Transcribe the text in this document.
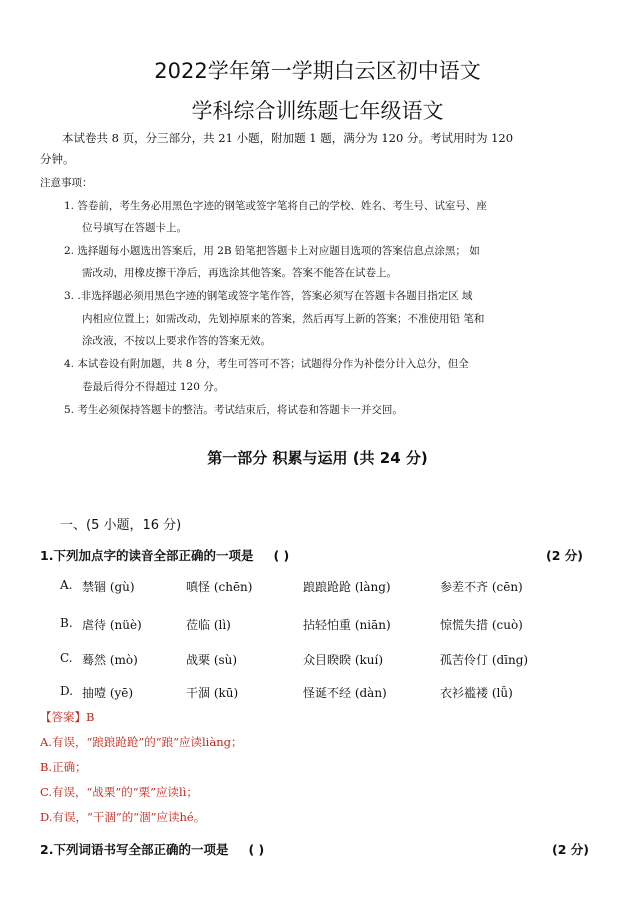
2022学年第一学期白云区初中语文
学科综合训练题七年级语文
本试卷共 8 页，分三部分，共 21 小题，附加题 1 题，满分为 120 分。考试用时为 120
分钟。
注意事项：
1. 答卷前，考生务必用黑色字迹的钢笔或签字笔将自己的学校、姓名、考生号、试室号、座
位号填写在答题卡上。
2. 选择题每小题选出答案后，用 2B 铅笔把答题卡上对应题目选项的答案信息点涂黑； 如
需改动，用橡皮擦干净后，再选涂其他答案。答案不能答在试卷上。
3. .非选择题必须用黑色字迹的钢笔或签字笔作答，答案必须写在答题卡各题目指定区 域
内相应位置上；如需改动，先划掉原来的答案，然后再写上新的答案；不准使用铅 笔和
涂改液，不按以上要求作答的答案无效。
4. 本试卷设有附加题，共 8 分，考生可答可不答；试题得分作为补偿分计入总分，但全
卷最后得分不得超过 120 分。
5. 考生必须保持答题卡的整洁。考试结束后，将试卷和答题卡一并交回。
第一部分 积累与运用 (共 24 分)
一、(5 小题，16 分)
1.下列加点字的读音全部正确的一项是 ( )	(2 分)
A. 禁锢 (gù)	嗔怪 (chēn)	踉踉跄跄 (làng)	参差不齐 (cēn)
B. 虐待 (nüè)	莅临 (lì)	拈轻怕重 (niān)	惊慌失措 (cuò)
C. 蓦然 (mò)	战栗 (sù)	众目睽睽 (kuí)	孤苦伶仃 (dīng)
D. 抽噎 (yē)	干涸 (kū)	怪诞不经 (dàn)	衣衫褴褛 (lǚ)
【答案】B
A.有误，“踉踉跄跄”的“踉”应读liàng；
B.正确；
C.有误，“战栗”的“栗”应读lì；
D.有误，“干涸”的“涸”应读hé。
2.下列词语书写全部正确的一项是 ( )	(2 分)
